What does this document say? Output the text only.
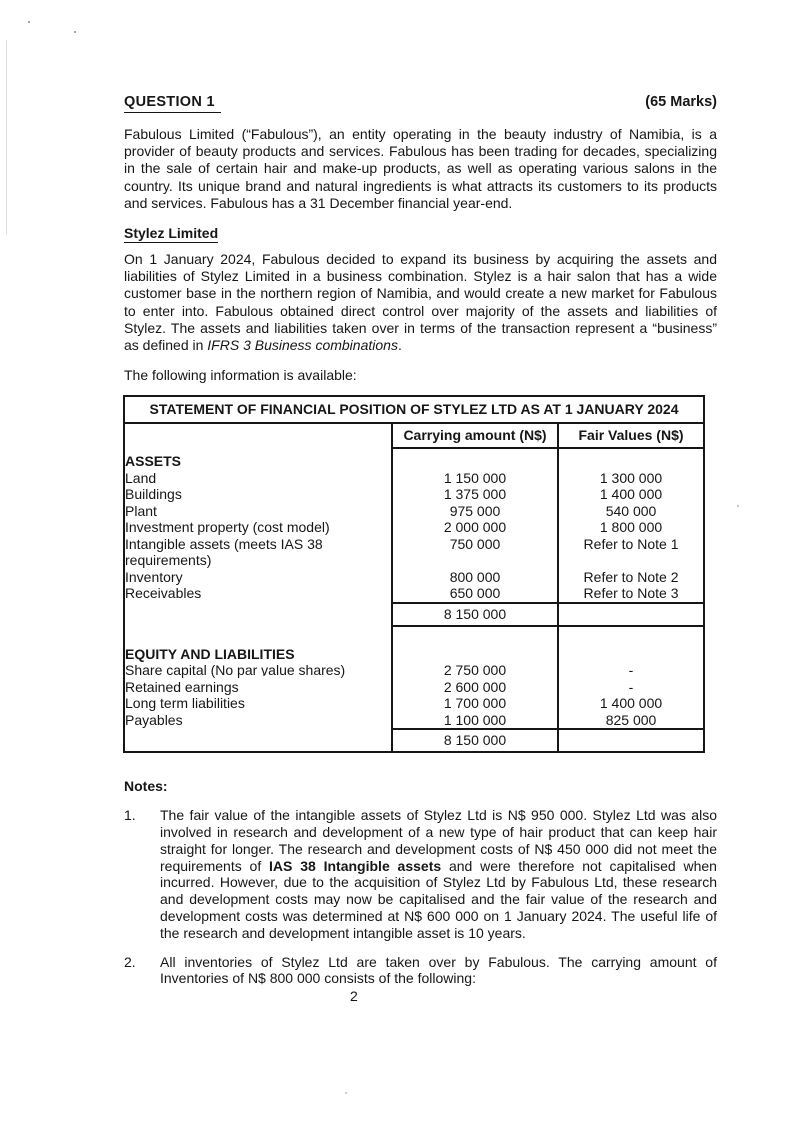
QUESTION 1	(65 Marks)

Fabulous Limited (“Fabulous”), an entity operating in the beauty industry of Namibia, is a provider of beauty products and services. Fabulous has been trading for decades, specializing in the sale of certain hair and make-up products, as well as operating various salons in the country. Its unique brand and natural ingredients is what attracts its customers to its products and services. Fabulous has a 31 December financial year-end.

Stylez Limited

On 1 January 2024, Fabulous decided to expand its business by acquiring the assets and liabilities of Stylez Limited in a business combination. Stylez is a hair salon that has a wide customer base in the northern region of Namibia, and would create a new market for Fabulous to enter into. Fabulous obtained direct control over majority of the assets and liabilities of Stylez. The assets and liabilities taken over in terms of the transaction represent a “business” as defined in IFRS 3 Business combinations.

The following information is available:

STATEMENT OF FINANCIAL POSITION OF STYLEZ LTD AS AT 1 JANUARY 2024		
	Carrying amount (N$)	Fair Values (N$)
ASSETS		
Land	1 150 000	1 300 000
Buildings	1 375 000	1 400 000
Plant	975 000	540 000
Investment property (cost model)	2 000 000	1 800 000
Intangible assets (meets IAS 38 requirements)	750 000	Refer to Note 1
Inventory	800 000	Refer to Note 2
Receivables	650 000	Refer to Note 3
	8 150 000	

EQUITY AND LIABILITIES		
Share capital (No par value shares)	2 750 000	-
Retained earnings	2 600 000	-
Long term liabilities	1 700 000	1 400 000
Payables	1 100 000	825 000
	8 150 000	
Notes:
1.	The fair value of the intangible assets of Stylez Ltd is N$ 950 000. Stylez Ltd was also involved in research and development of a new type of hair product that can keep hair straight for longer. The research and development costs of N$ 450 000 did not meet the requirements of IAS 38 Intangible assets and were therefore not capitalised when incurred. However, due to the acquisition of Stylez Ltd by Fabulous Ltd, these research and development costs may now be capitalised and the fair value of the research and development costs was determined at N$ 600 000 on 1 January 2024. The useful life of the research and development intangible asset is 10 years.

2.	All inventories of Stylez Ltd are taken over by Fabulous. The carrying amount of Inventories of N$ 800 000 consists of the following:

2
